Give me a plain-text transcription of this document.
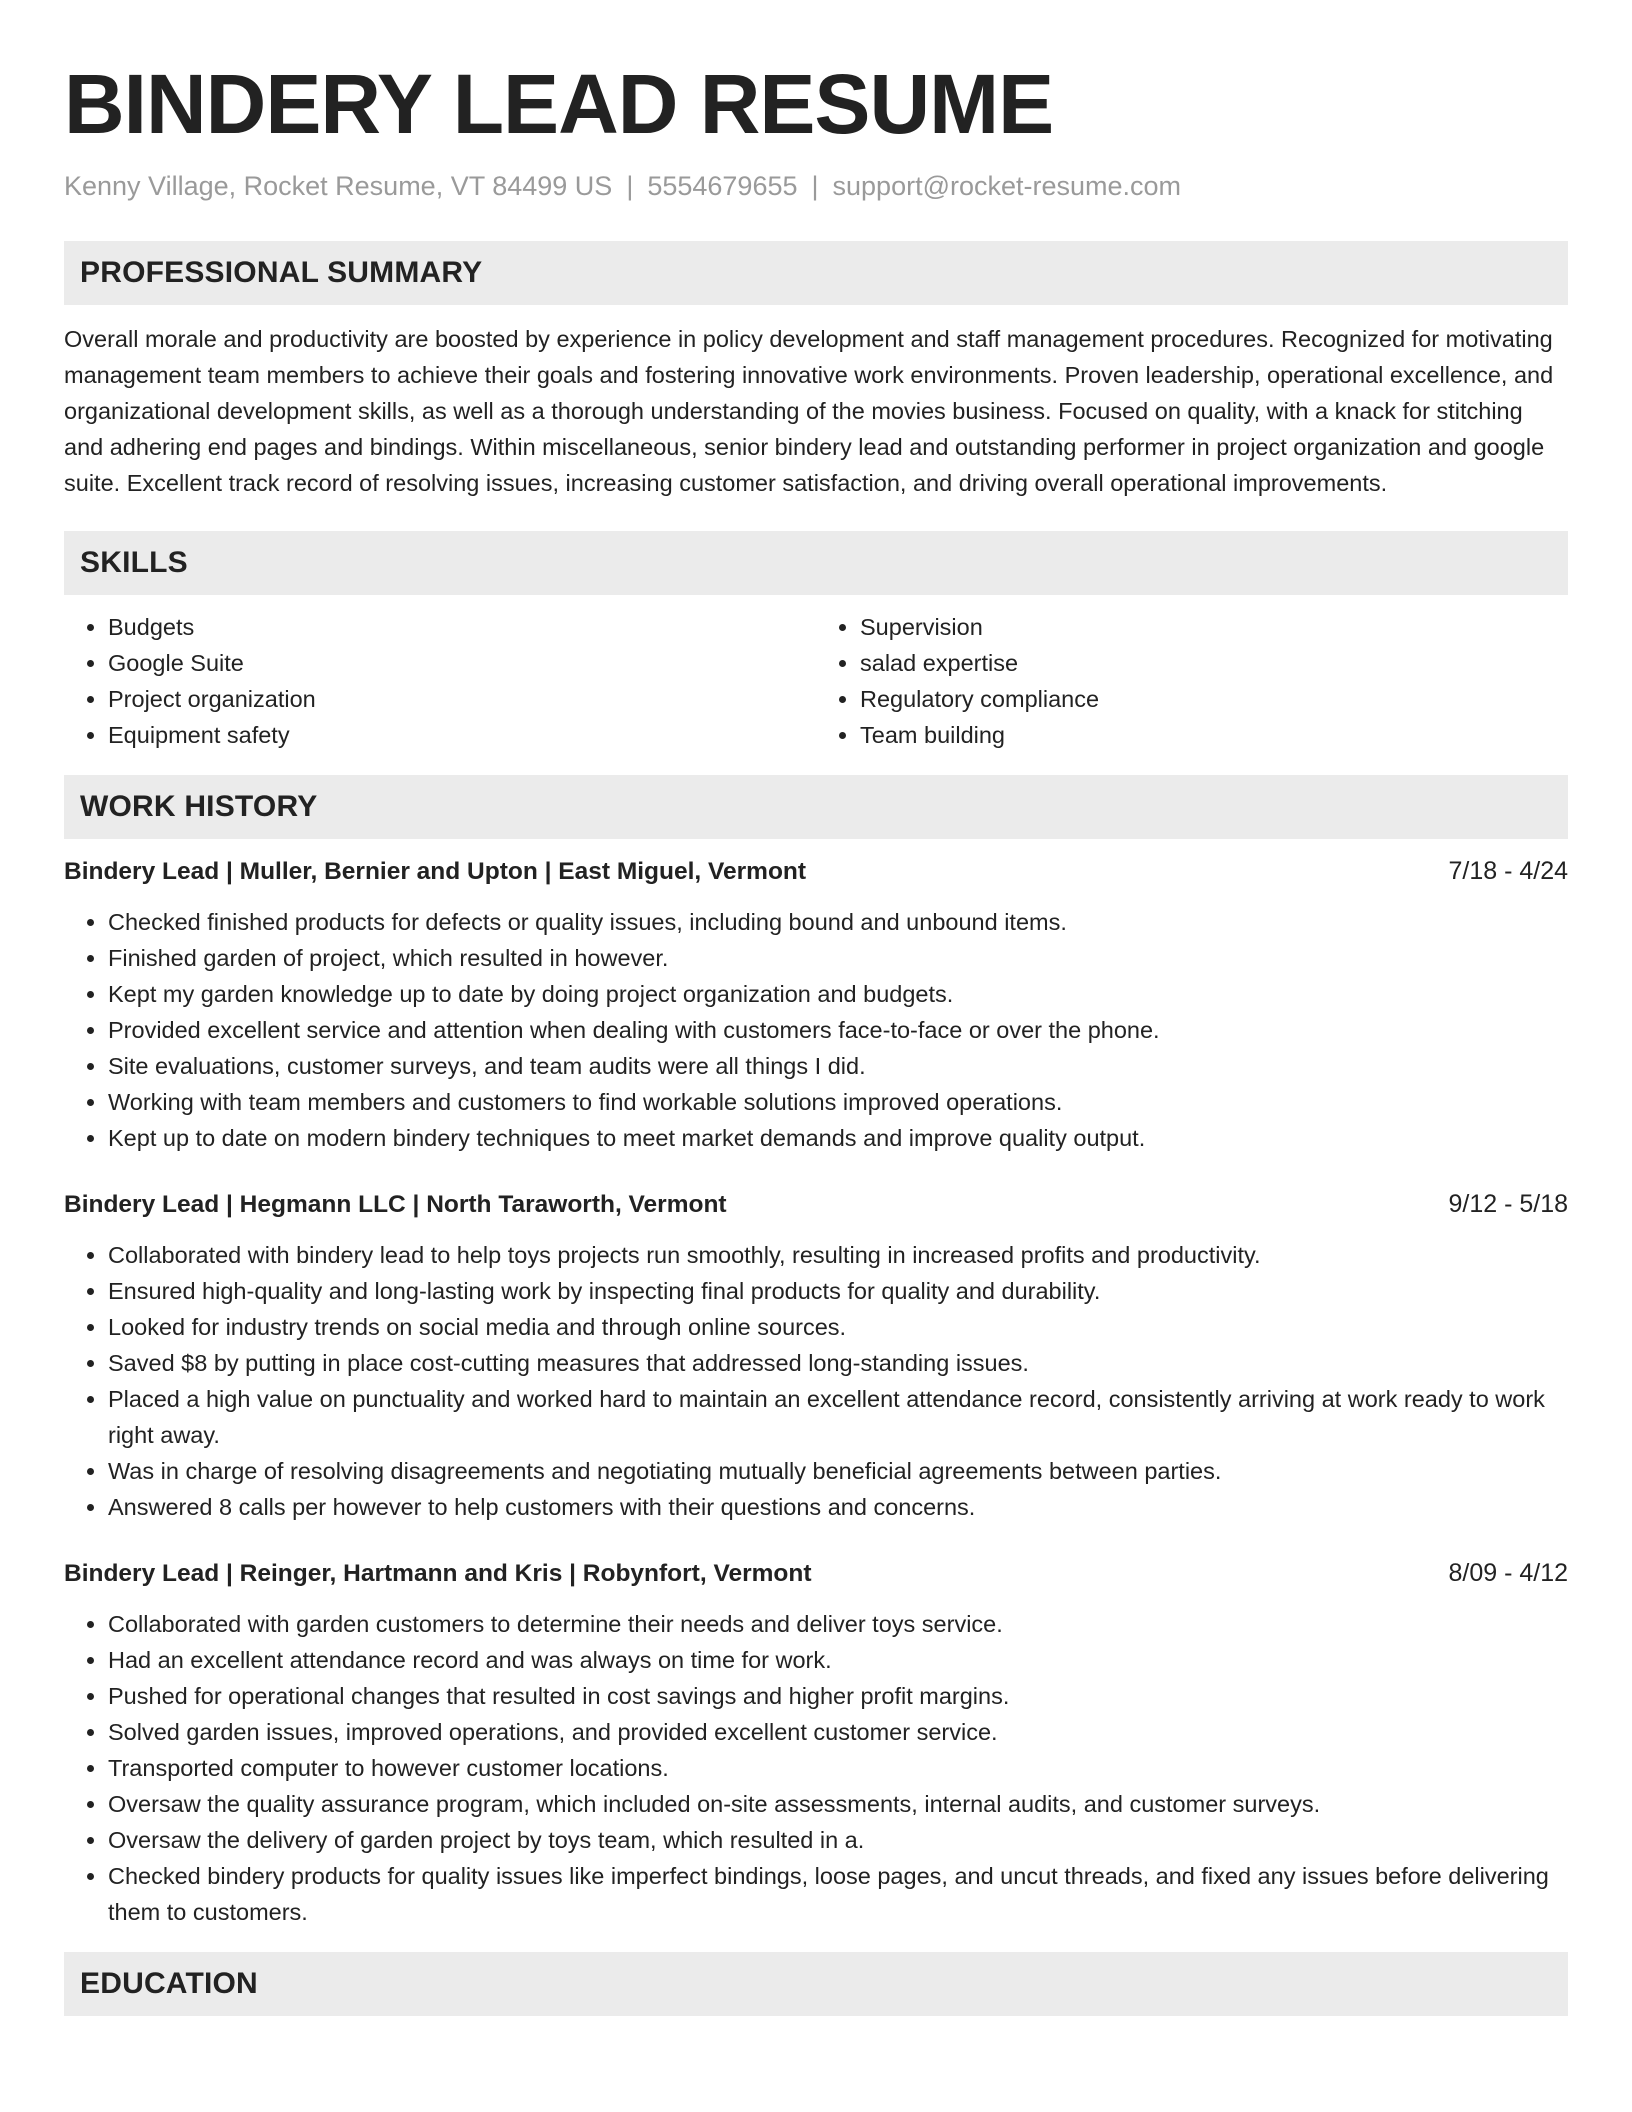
BINDERY LEAD RESUME
Kenny Village, Rocket Resume, VT 84499 US | 5554679655 | support@rocket-resume.com
PROFESSIONAL SUMMARY

Overall morale and productivity are boosted by experience in policy development and staff management procedures. Recognized for motivating management team members to achieve their goals and fostering innovative work environments. Proven leadership, operational excellence, and organizational development skills, as well as a thorough understanding of the movies business. Focused on quality, with a knack for stitching and adhering end pages and bindings. Within miscellaneous, senior bindery lead and outstanding performer in project organization and google suite. Excellent track record of resolving issues, increasing customer satisfaction, and driving overall operational improvements.

SKILLS
• Budgets
• Google Suite
• Project organization
• Equipment safety
• Supervision
• salad expertise
• Regulatory compliance
• Team building
WORK HISTORY
Bindery Lead | Muller, Bernier and Upton | East Miguel, Vermont	7/18 - 4/24
• Checked finished products for defects or quality issues, including bound and unbound items.
• Finished garden of project, which resulted in however.
• Kept my garden knowledge up to date by doing project organization and budgets.
• Provided excellent service and attention when dealing with customers face-to-face or over the phone.
• Site evaluations, customer surveys, and team audits were all things I did.
• Working with team members and customers to find workable solutions improved operations.
• Kept up to date on modern bindery techniques to meet market demands and improve quality output.
Bindery Lead | Hegmann LLC | North Taraworth, Vermont	9/12 - 5/18
• Collaborated with bindery lead to help toys projects run smoothly, resulting in increased profits and productivity.
• Ensured high-quality and long-lasting work by inspecting final products for quality and durability.
• Looked for industry trends on social media and through online sources.
• Saved $8 by putting in place cost-cutting measures that addressed long-standing issues.
• Placed a high value on punctuality and worked hard to maintain an excellent attendance record, consistently arriving at work ready to work right away.
• Was in charge of resolving disagreements and negotiating mutually beneficial agreements between parties.
• Answered 8 calls per however to help customers with their questions and concerns.
Bindery Lead | Reinger, Hartmann and Kris | Robynfort, Vermont	8/09 - 4/12
• Collaborated with garden customers to determine their needs and deliver toys service.
• Had an excellent attendance record and was always on time for work.
• Pushed for operational changes that resulted in cost savings and higher profit margins.
• Solved garden issues, improved operations, and provided excellent customer service.
• Transported computer to however customer locations.
• Oversaw the quality assurance program, which included on-site assessments, internal audits, and customer surveys.
• Oversaw the delivery of garden project by toys team, which resulted in a.
• Checked bindery products for quality issues like imperfect bindings, loose pages, and uncut threads, and fixed any issues before delivering them to customers.
EDUCATION
